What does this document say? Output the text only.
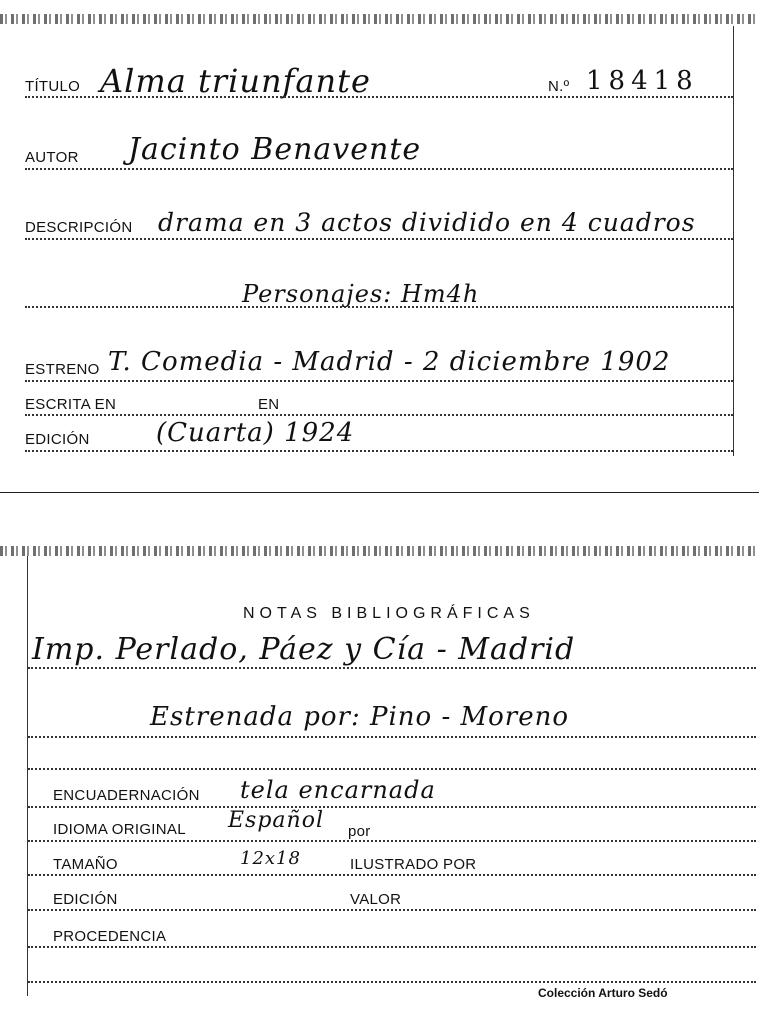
TÍTULO Alma triunfante	N.º 18418
AUTOR Jacinto Benavente
DESCRIPCIÓN drama en 3 actos dividido en 4 cuadros
Personajes: Hm4h
ESTRENO T. Comedia - Madrid - 2 diciembre 1902
ESCRITA EN	EN
EDICIÓN	(Cuarta) 1924
NOTAS BIBLIOGRÁFICAS
Imp. Perlado, Páez y Cía - Madrid
Estrenada por: Pino - Moreno
ENCUADERNACIÓN tela encarnada
IDIOMA ORIGINAL Español por
TAMAÑO	12x18	ILUSTRADO POR
EDICIÓN	VALOR
PROCEDENCIA
Colección Arturo Sedó
